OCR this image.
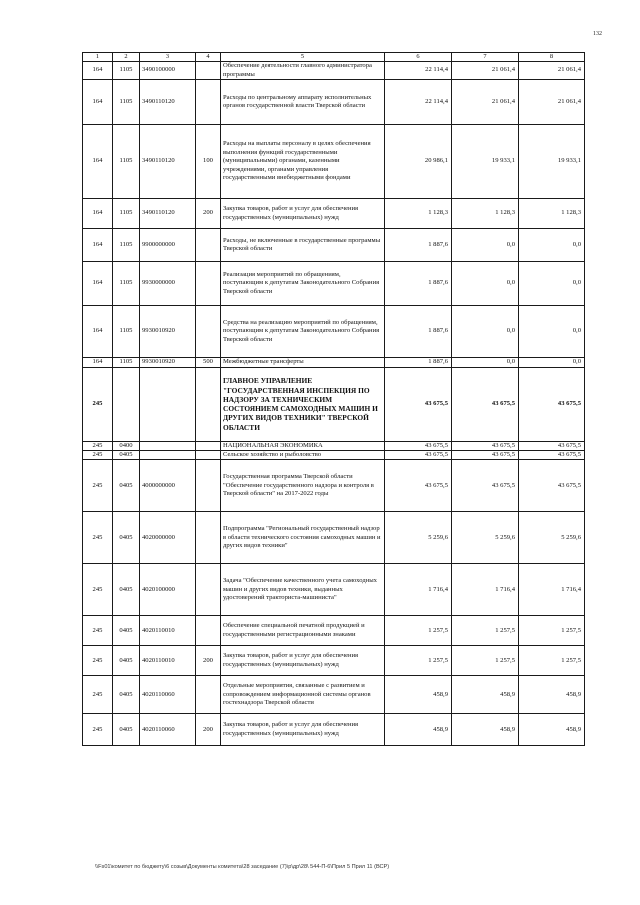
132
1	2	3	4	5	6	7	8
164	1105	3490100000		Обеспечение деятельности главного администратора программы	22 114,4	21 061,4	21 061,4
164	1105	3490110120		Расходы по центральному аппарату исполнительных органов государственной власти Тверской области	22 114,4	21 061,4	21 061,4
164	1105	3490110120	100	Расходы на выплаты персоналу в целях обеспечения выполнения функций государственными (муниципальными) органами, казенными учреждениями, органами управления государственными внебюджетными фондами	20 986,1	19 933,1	19 933,1
164	1105	3490110120	200	Закупка товаров, работ и услуг для обеспечения государственных (муниципальных) нужд	1 128,3	1 128,3	1 128,3
164	1105	9900000000		Расходы, не включенные в государственные программы Тверской области	1 887,6	0,0	0,0
164	1105	9930000000		Реализация мероприятий по обращениям, поступающим к депутатам Законодательного Собрания Тверской области	1 887,6	0,0	0,0
164	1105	9930010920		Средства на реализацию мероприятий по обращениям, поступающим к депутатам Законодательного Собрания Тверской области	1 887,6	0,0	0,0
164	1105	9930010920	500	Межбюджетные трансферты	1 887,6	0,0	0,0
245				ГЛАВНОЕ УПРАВЛЕНИЕ "ГОСУДАРСТВЕННАЯ ИНСПЕКЦИЯ ПО НАДЗОРУ ЗА ТЕХНИЧЕСКИМ СОСТОЯНИЕМ САМОХОДНЫХ МАШИН И ДРУГИХ ВИДОВ ТЕХНИКИ" ТВЕРСКОЙ ОБЛАСТИ	43 675,5	43 675,5	43 675,5
245	0400			НАЦИОНАЛЬНАЯ ЭКОНОМИКА	43 675,5	43 675,5	43 675,5
245	0405			Сельское хозяйство и рыболовство	43 675,5	43 675,5	43 675,5
245	0405	4000000000		Государственная программа Тверской области "Обеспечение государственного надзора и контроля в Тверской области" на 2017-2022 годы	43 675,5	43 675,5	43 675,5
245	0405	4020000000		Подпрограмма "Региональный государственный надзор в области технического состояния самоходных машин и других видов техники"	5 259,6	5 259,6	5 259,6
245	0405	4020100000		Задача "Обеспечение качественного учета самоходных машин и других видов техники, выданных удостоверений тракториста-машиниста"	1 716,4	1 716,4	1 716,4
245	0405	4020110010		Обеспечение специальной печатной продукцией и государственными регистрационными знаками	1 257,5	1 257,5	1 257,5
245	0405	4020110010	200	Закупка товаров, работ и услуг для обеспечения государственных (муниципальных) нужд	1 257,5	1 257,5	1 257,5
245	0405	4020110060		Отдельные мероприятия, связанные с развитием и сопровождением информационной системы органов гостехнадзора Тверской области	458,9	458,9	458,9
245	0405	4020110060	200	Закупка товаров, работ и услуг для обеспечения государственных (муниципальных) нужд	458,9	458,9	458,9
\\Fs01\комитет по бюджету\6 созыв\Документы комитета\28 заседание (7)\р\др\28\ 544-П-6\Прил 5 Прил 11 (ВСР)
